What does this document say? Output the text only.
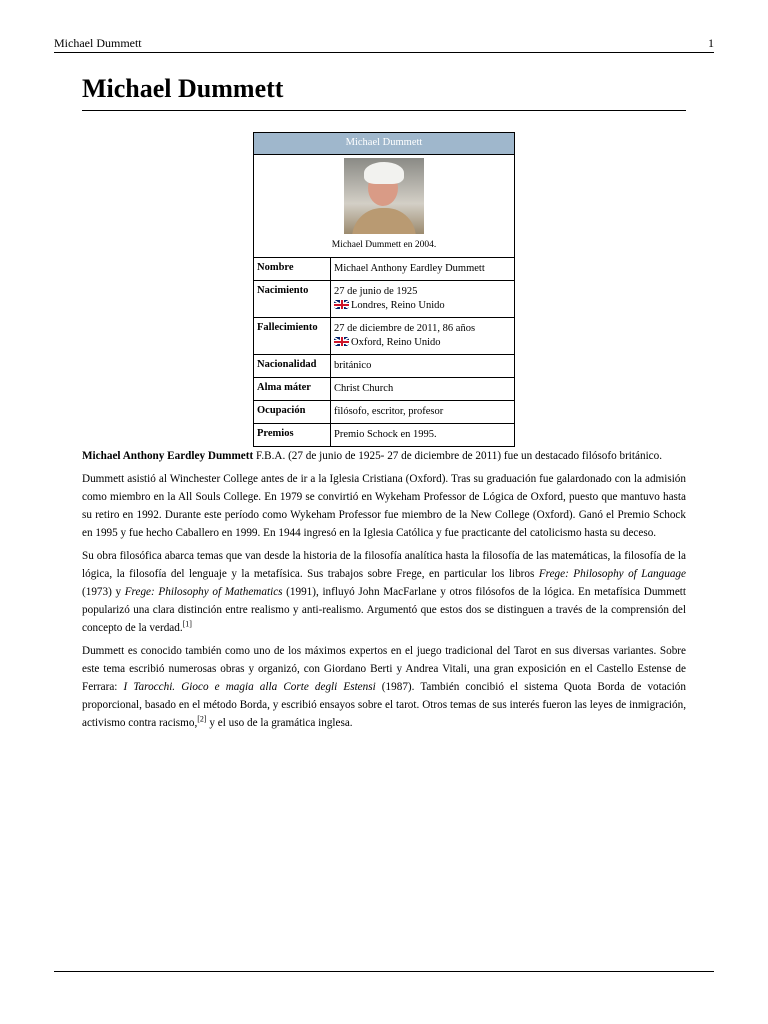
Michael Dummett	1
Michael Dummett
Michael Dummett
Michael Dummett en 2004.
Nombre	Michael Anthony Eardley Dummett
Nacimiento	27 de junio de 1925
Londres, Reino Unido
Fallecimiento	27 de diciembre de 2011, 86 años
Oxford, Reino Unido
Nacionalidad	británico
Alma máter	Christ Church
Ocupación	filósofo, escritor, profesor
Premios	Premio Schock en 1995.

Michael Anthony Eardley Dummett F.B.A. (27 de junio de 1925- 27 de diciembre de 2011) fue un destacado filósofo británico.

Dummett asistió al Winchester College antes de ir a la Iglesia Cristiana (Oxford). Tras su graduación fue galardonado con la admisión como miembro en la All Souls College. En 1979 se convirtió en Wykeham Professor de Lógica de Oxford, puesto que mantuvo hasta su retiro en 1992. Durante este período como Wykeham Professor fue miembro de la New College (Oxford). Ganó el Premio Schock en 1995 y fue hecho Caballero en 1999. En 1944 ingresó en la Iglesia Católica y fue practicante del catolicismo hasta su deceso.

Su obra filosófica abarca temas que van desde la historia de la filosofía analítica hasta la filosofía de las matemáticas, la filosofía de la lógica, la filosofía del lenguaje y la metafísica. Sus trabajos sobre Frege, en particular los libros Frege: Philosophy of Language (1973) y Frege: Philosophy of Mathematics (1991), influyó John MacFarlane y otros filósofos de la lógica. En metafísica Dummett popularizó una clara distinción entre realismo y anti-realismo. Argumentó que estos dos se distinguen a través de la comprensión del concepto de la verdad.[1]

Dummett es conocido también como uno de los máximos expertos en el juego tradicional del Tarot en sus diversas variantes. Sobre este tema escribió numerosas obras y organizó, con Giordano Berti y Andrea Vitali, una gran exposición en el Castello Estense de Ferrara: I Tarocchi. Gioco e magia alla Corte degli Estensi (1987). También concibió el sistema Quota Borda de votación proporcional, basado en el método Borda, y escribió ensayos sobre el tarot. Otros temas de sus interés fueron las leyes de inmigración, activismo contra racismo,[2] y el uso de la gramática inglesa.
